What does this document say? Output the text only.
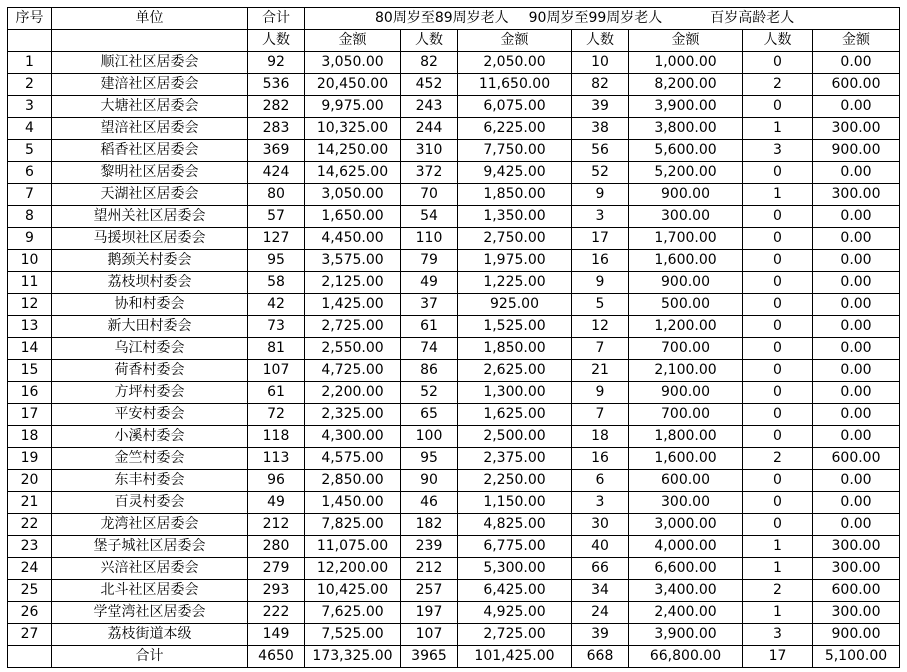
序号	单位	合计	80周岁至89周岁老人 90周岁至99周岁老人 百岁高龄老人						
		人数	金额	人数	金额	人数	金额	人数	金额
1	顺江社区居委会	92	3,050.00	82	2,050.00	10	1,000.00	0	0.00
2	建涪社区居委会	536	20,450.00	452	11,650.00	82	8,200.00	2	600.00
3	大塘社区居委会	282	9,975.00	243	6,075.00	39	3,900.00	0	0.00
4	望涪社区居委会	283	10,325.00	244	6,225.00	38	3,800.00	1	300.00
5	稻香社区居委会	369	14,250.00	310	7,750.00	56	5,600.00	3	900.00
6	黎明社区居委会	424	14,625.00	372	9,425.00	52	5,200.00	0	0.00
7	天湖社区居委会	80	3,050.00	70	1,850.00	9	900.00	1	300.00
8	望州关社区居委会	57	1,650.00	54	1,350.00	3	300.00	0	0.00
9	马援坝社区居委会	127	4,450.00	110	2,750.00	17	1,700.00	0	0.00
10	鹅颈关村委会	95	3,575.00	79	1,975.00	16	1,600.00	0	0.00
11	荔枝坝村委会	58	2,125.00	49	1,225.00	9	900.00	0	0.00
12	协和村委会	42	1,425.00	37	925.00	5	500.00	0	0.00
13	新大田村委会	73	2,725.00	61	1,525.00	12	1,200.00	0	0.00
14	乌江村委会	81	2,550.00	74	1,850.00	7	700.00	0	0.00
15	荷香村委会	107	4,725.00	86	2,625.00	21	2,100.00	0	0.00
16	方坪村委会	61	2,200.00	52	1,300.00	9	900.00	0	0.00
17	平安村委会	72	2,325.00	65	1,625.00	7	700.00	0	0.00
18	小溪村委会	118	4,300.00	100	2,500.00	18	1,800.00	0	0.00
19	金竺村委会	113	4,575.00	95	2,375.00	16	1,600.00	2	600.00
20	东丰村委会	96	2,850.00	90	2,250.00	6	600.00	0	0.00
21	百灵村委会	49	1,450.00	46	1,150.00	3	300.00	0	0.00
22	龙湾社区居委会	212	7,825.00	182	4,825.00	30	3,000.00	0	0.00
23	堡子城社区居委会	280	11,075.00	239	6,775.00	40	4,000.00	1	300.00
24	兴涪社区居委会	279	12,200.00	212	5,300.00	66	6,600.00	1	300.00
25	北斗社区居委会	293	10,425.00	257	6,425.00	34	3,400.00	2	600.00
26	学堂湾社区居委会	222	7,625.00	197	4,925.00	24	2,400.00	1	300.00
27	荔枝街道本级	149	7,525.00	107	2,725.00	39	3,900.00	3	900.00
	合计	4650	173,325.00	3965	101,425.00	668	66,800.00	17	5,100.00
